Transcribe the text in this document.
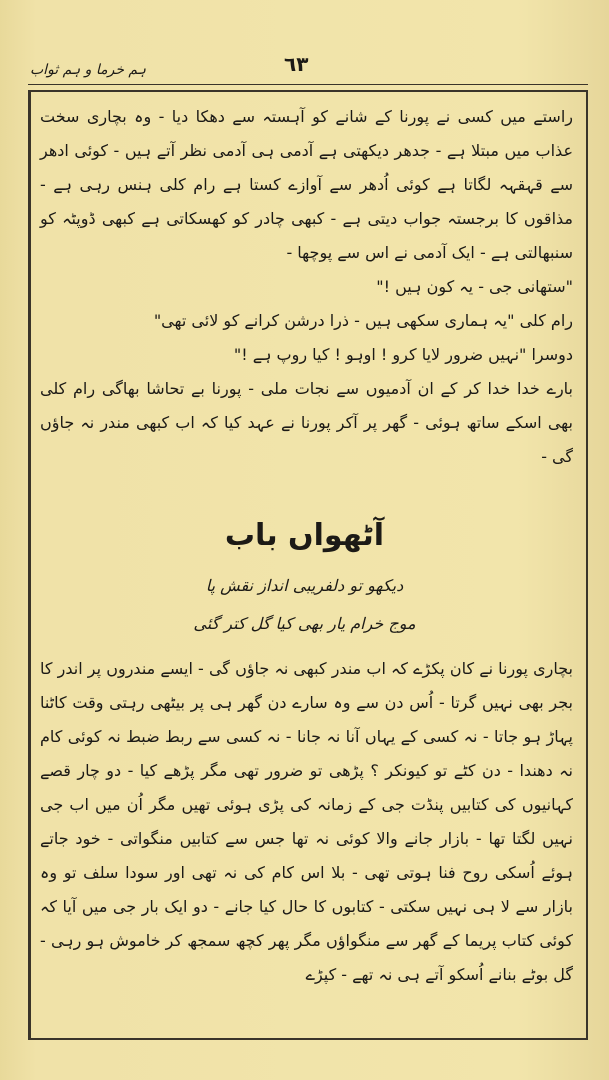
٦٣
ہم خرما و ہم ثواب

راستے میں کسی نے پورنا کے شانے کو آہستہ سے دھکا دیا - وہ بچاری سخت عذاب میں مبتلا ہے - جدھر دیکھتی ہے آدمی ہی آدمی نظر آتے ہیں - کوئی ادھر سے قہقہہ لگاتا ہے کوئی اُدھر سے آوازے کستا ہے رام کلی ہنس رہی ہے - مذاقوں کا برجستہ جواب دیتی ہے - کبھی چادر کو کھسکاتی ہے کبھی ڈوپٹہ کو سنبھالتی ہے - ایک آدمی نے اس سے پوچھا -

"ستھانی جی - یہ کون ہیں !"

رام کلی "یہ ہماری سکھی ہیں - ذرا درشن کرانے کو لائی تھی"

دوسرا "نہیں ضرور لایا کرو ! اوہو ! کیا روپ ہے !"

بارے خدا خدا کر کے ان آدمیوں سے نجات ملی - پورنا بے تحاشا بھاگی رام کلی بھی اسکے ساتھ ہوئی - گھر پر آکر پورنا نے عہد کیا کہ اب کبھی مندر نہ جاؤں گی -

آٹھواں باب
دیکھو تو دلفریبی انداز نقش پا
موج خرام یار بھی کیا گل کتر گئی

بچاری پورنا نے کان پکڑے کہ اب مندر کبھی نہ جاؤں گی - ایسے مندروں پر اندر کا بجر بھی نہیں گرتا - اُس دن سے وہ سارے دن گھر ہی پر بیٹھی رہتی وقت کاٹنا پہاڑ ہو جاتا - نہ کسی کے یہاں آنا نہ جانا - نہ کسی سے ربط ضبط نہ کوئی کام نہ دھندا - دن کٹے تو کیونکر ؟ پڑھی تو ضرور تھی مگر پڑھے کیا - دو چار قصے کہانیوں کی کتابیں پنڈت جی کے زمانہ کی پڑی ہوئی تھیں مگر اُن میں اب جی نہیں لگتا تھا - بازار جانے والا کوئی نہ تھا جس سے کتابیں منگواتی - خود جاتے ہوئے اُسکی روح فنا ہوتی تھی - بلا اس کام کی نہ تھی اور سودا سلف تو وہ بازار سے لا ہی نہیں سکتی - کتابوں کا حال کیا جانے - دو ایک بار جی میں آیا کہ کوئی کتاب پریما کے گھر سے منگواؤں مگر پھر کچھ سمجھ کر خاموش ہو رہی - گل بوٹے بنانے اُسکو آتے ہی نہ تھے - کپڑے
